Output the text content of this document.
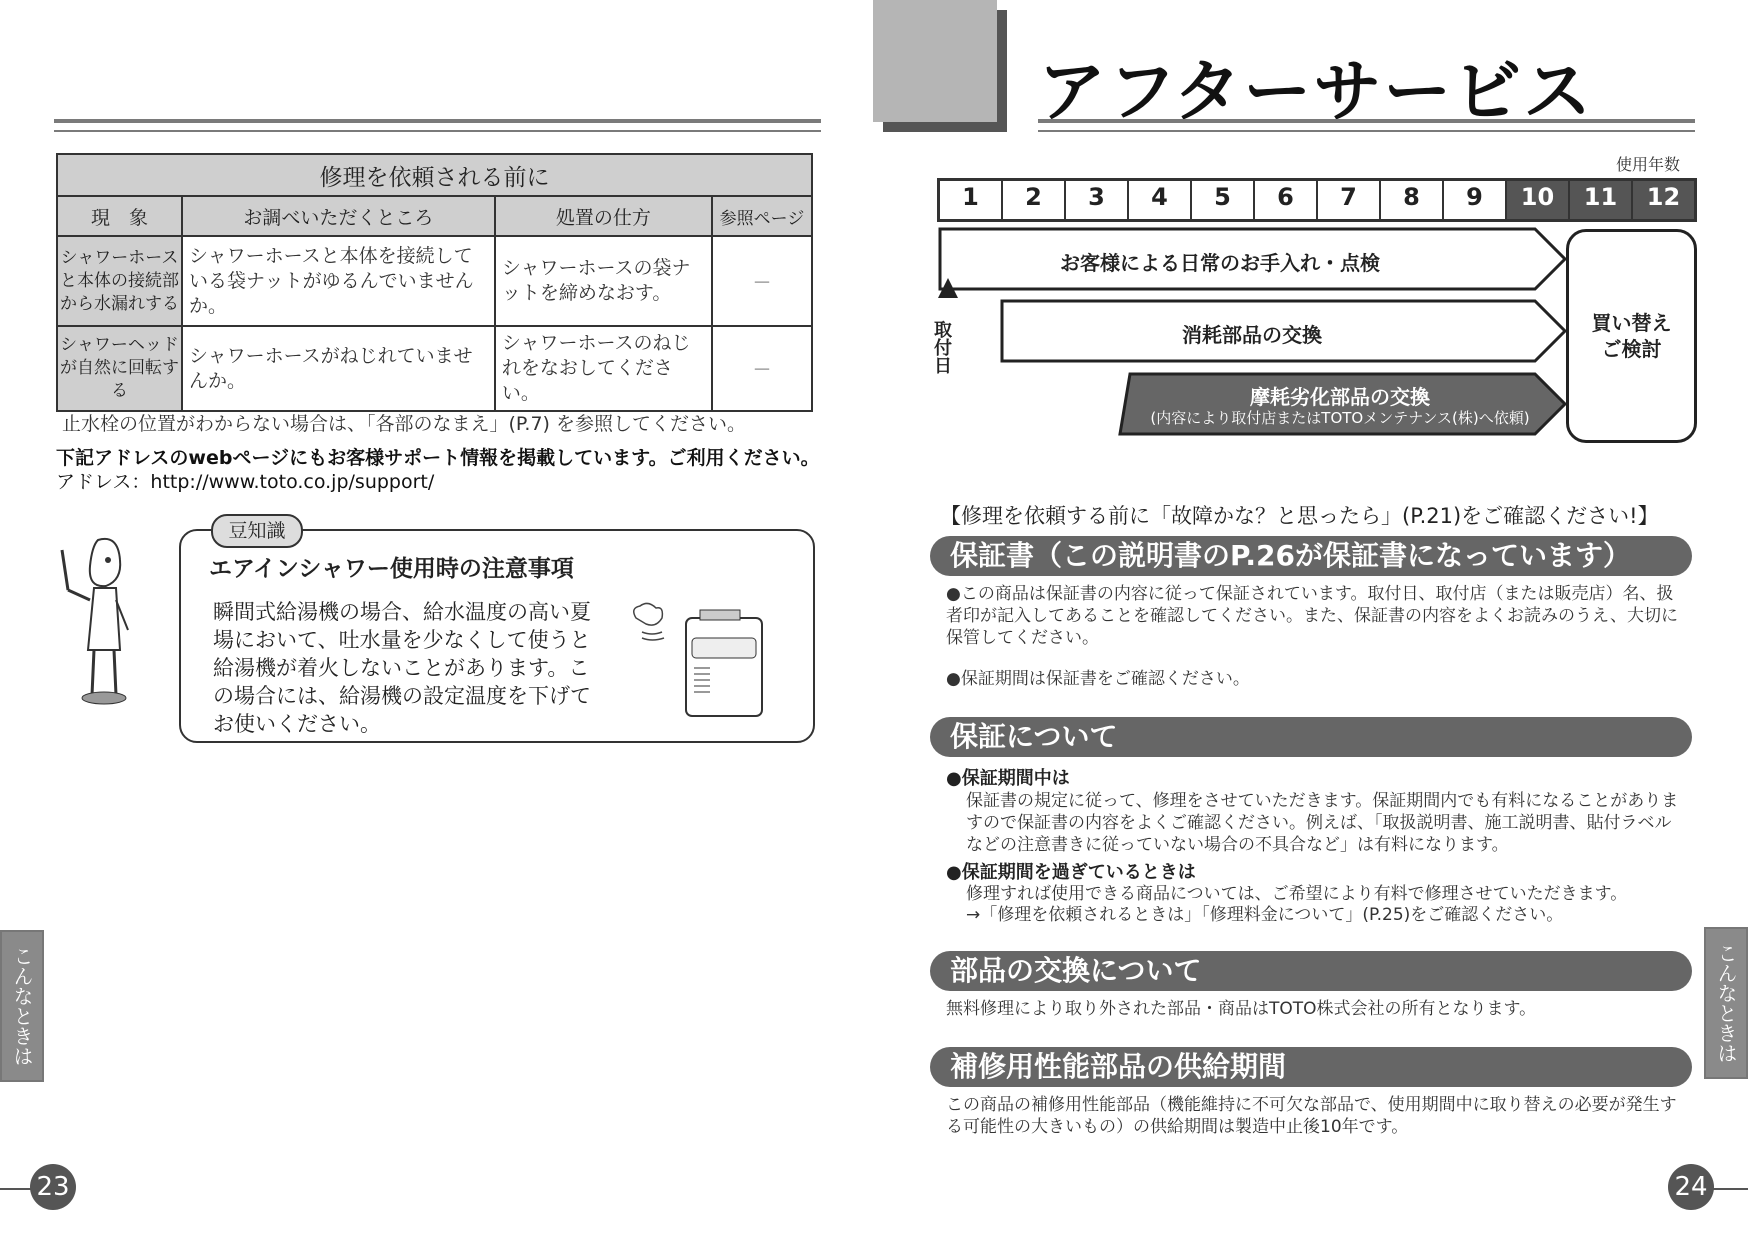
修理を依頼される前に			
現　象	お調べいただくところ	処置の仕方	参照ページ
シャワーホースと本体の接続部から水漏れする	シャワーホースと本体を接続している袋ナットがゆるんでいませんか。	シャワーホースの袋ナットを締めなおす。	－
シャワーヘッドが自然に回転する	シャワーホースがねじれていませんか。	シャワーホースのねじれをなおしてください。	－
止水栓の位置がわからない場合は、「各部のなまえ」(P.7) を参照してください。
下記アドレスのwebページにもお客様サポート情報を掲載しています。ご利用ください。
アドレス：http://www.toto.co.jp/support/
豆知識
エアインシャワー使用時の注意事項
瞬間式給湯機の場合、給水温度の高い夏場において、吐水量を少なくして使うと給湯機が着火しないことがあります。この場合には、給湯機の設定温度を下げてお使いください。
こんなときは
23
アフターサービス
使用年数
1	2	3	4	5	6	7	8	9	10	11	12
お客様による日常のお手入れ・点検
消耗部品の交換
摩耗劣化部品の交換
(内容により取付店またはTOTOメンテナンス(株)へ依頼)
買い替え
ご検討
取付日
【修理を依頼する前に「故障かな？と思ったら」(P.21)をご確認ください!】
保証書（この説明書のP.26が保証書になっています）
●この商品は保証書の内容に従って保証されています。取付日、取付店（または販売店）名、扱者印が記入してあることを確認してください。また、保証書の内容をよくお読みのうえ、大切に保管してください。
●保証期間は保証書をご確認ください。
保証について
●保証期間中は
保証書の規定に従って、修理をさせていただきます。保証期間内でも有料になることがありますので保証書の内容をよくご確認ください。例えば、「取扱説明書、施工説明書、貼付ラベルなどの注意書きに従っていない場合の不具合など」は有料になります。
●保証期間を過ぎているときは
修理すれば使用できる商品については、ご希望により有料で修理させていただきます。
→「修理を依頼されるときは」「修理料金について」(P.25)をご確認ください。
部品の交換について
無料修理により取り外された部品・商品はTOTO株式会社の所有となります。
補修用性能部品の供給期間
この商品の補修用性能部品（機能維持に不可欠な部品で、使用期間中に取り替えの必要が発生する可能性の大きいもの）の供給期間は製造中止後10年です。
こんなときは
24
